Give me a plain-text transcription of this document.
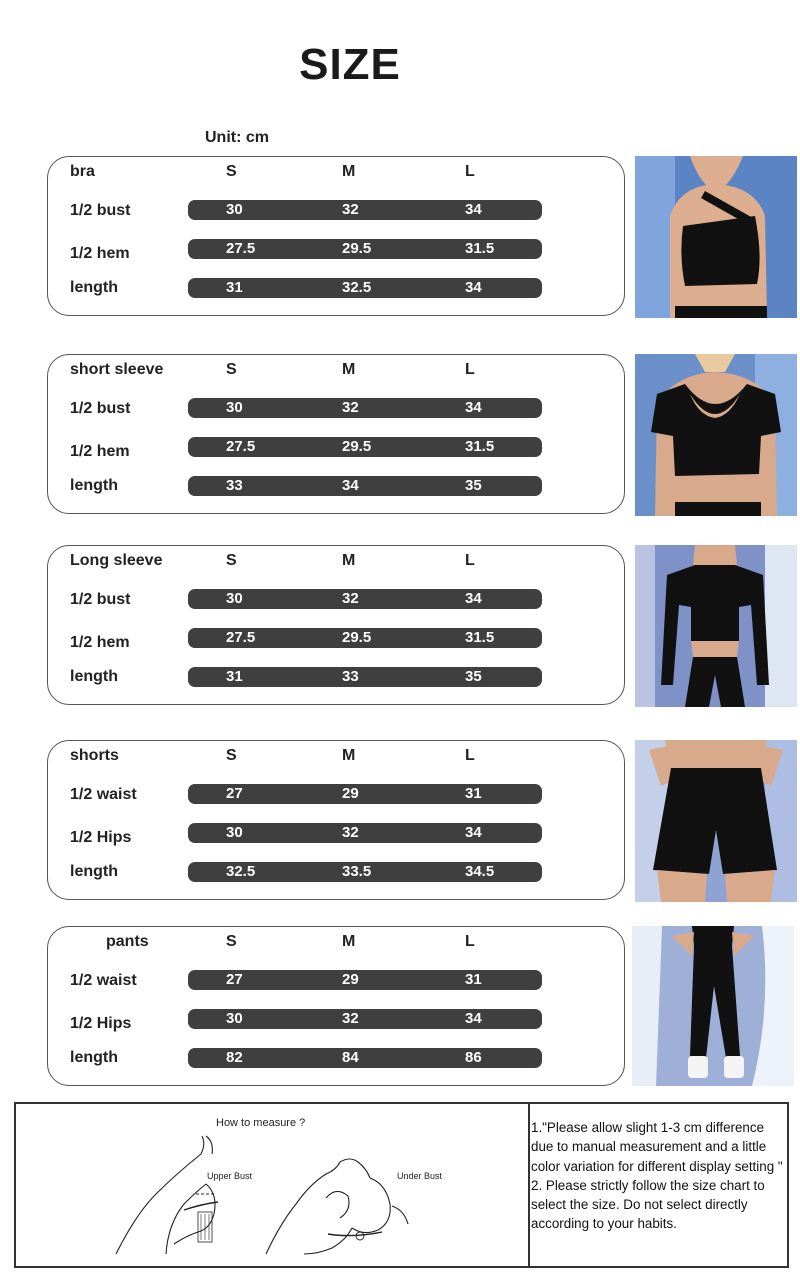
SIZE
Unit: cm
bra	S	M	L
1/2 bust	30	32	34
1/2 hem	27.5	29.5	31.5
length	31	32.5	34
short sleeve	S	M	L
1/2 bust	30	32	34
1/2 hem	27.5	29.5	31.5
length	33	34	35
Long sleeve	S	M	L
1/2 bust	30	32	34
1/2 hem	27.5	29.5	31.5
length	31	33	35
shorts	S	M	L
1/2 waist	27	29	31
1/2 Hips	30	32	34
length	32.5	33.5	34.5
pants	S	M	L
1/2 waist	27	29	31
1/2 Hips	30	32	34
length	82	84	86
How to measure ?
Upper Bust	Under Bust

1."Please allow slight 1-3 cm difference due to manual measurement and a little color variation for different display setting "

2. Please strictly follow the size chart to select the size. Do not select directly according to your habits.
